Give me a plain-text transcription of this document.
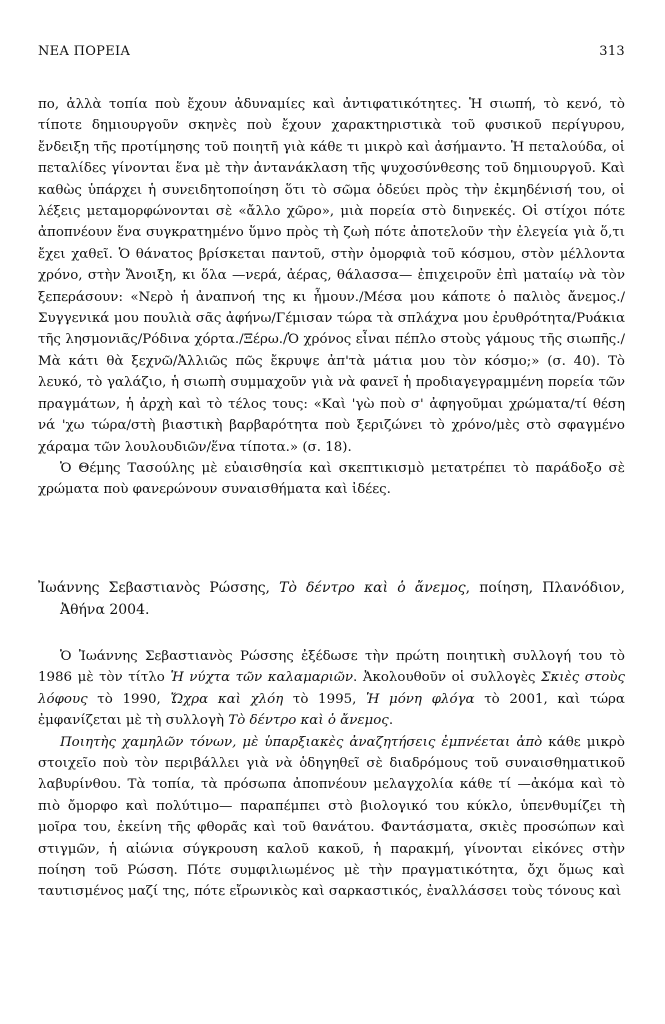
ΝΕΑ ΠΟΡΕΙΑ	313

πο, ἀλλὰ τοπία ποὺ ἔχουν ἀδυναμίες καὶ ἀντιφατικότητες. Ἡ σιωπή, τὸ κενό, τὸ τίποτε δημιουργοῦν σκηνὲς ποὺ ἔχουν χαρακτηριστικὰ τοῦ φυσικοῦ περίγυρου, ἔνδειξη τῆς προτίμησης τοῦ ποιητῆ γιὰ κάθε τι μικρὸ καὶ ἀσήμαντο. Ἡ πεταλούδα, οἱ πεταλίδες γίνονται ἕνα μὲ τὴν ἀντανάκλαση τῆς ψυχοσύνθεσης τοῦ δημιουργοῦ. Καὶ καθὼς ὑπάρχει ἡ συνειδητοποίηση ὅτι τὸ σῶμα ὁδεύει πρὸς τὴν ἐκμηδένισή του, οἱ λέξεις μεταμορφώνονται σὲ «ἄλλο χῶρο», μιὰ πορεία στὸ διηνεκές. Οἱ στίχοι πότε ἀποπνέουν ἕνα συγκρατημένο ὕμνο πρὸς τὴ ζωὴ πότε ἀποτελοῦν τὴν ἐλεγεία γιὰ ὅ,τι ἔχει χαθεῖ. Ὁ θάνατος βρίσκεται παντοῦ, στὴν ὀμορφιὰ τοῦ κόσμου, στὸν μέλλοντα χρόνο, στὴν Ἄνοιξη, κι ὅλα —νερά, ἀέρας, θάλασσα— ἐπιχειροῦν ἐπὶ ματαίῳ νὰ τὸν ξεπεράσουν: «Νερὸ ἡ ἀναπνοή της κι ἦμουν./Μέσα μου κάποτε ὁ παλιὸς ἄνεμος./Συγγενικά μου πουλιὰ σᾶς ἀφήνω/Γέμισαν τώρα τὰ σπλάχνα μου ἐρυθρότητα/Ρυάκια τῆς λησμονιᾶς/Ρόδινα χόρτα./Ξέρω./Ὁ χρόνος εἶναι πέπλο στοὺς γάμους τῆς σιωπῆς./Μὰ κάτι θὰ ξεχνῶ/Ἀλλιῶς πῶς ἔκρυψε ἀπ'τὰ μάτια μου τὸν κόσμο;» (σ. 40). Τὸ λευκό, τὸ γαλάζιο, ἡ σιωπὴ συμμαχοῦν γιὰ νὰ φανεῖ ἡ προδιαγεγραμμένη πορεία τῶν πραγμάτων, ἡ ἀρχὴ καὶ τὸ τέλος τους: «Καὶ 'γὼ ποὺ σ' ἀφηγοῦμαι χρώματα/τί θέση νά 'χω τώρα/στὴ βιαστικὴ βαρβαρότητα ποὺ ξεριζώνει τὸ χρόνο/μὲς στὸ σφαγμένο χάραμα τῶν λουλουδιῶν/ἕνα τίποτα.» (σ. 18).

Ὁ Θέμης Τασούλης μὲ εὐαισθησία καὶ σκεπτικισμὸ μετατρέπει τὸ παράδοξο σὲ χρώματα ποὺ φανερώνουν συναισθήματα καὶ ἰδέες.

Ἰωάννης Σεβαστιανὸς Ρώσσης, Τὸ δέντρο καὶ ὁ ἄνεμος, ποίηση, Πλανόδιον, Ἀθήνα 2004.

Ὁ Ἰωάννης Σεβαστιανὸς Ρώσσης ἐξέδωσε τὴν πρώτη ποιητικὴ συλλογή του τὸ 1986 μὲ τὸν τίτλο Ἡ νύχτα τῶν καλαμαριῶν. Ἀκολουθοῦν οἱ συλλογὲς Σκιὲς στοὺς λόφους τὸ 1990, Ὤχρα καὶ χλόη τὸ 1995, Ἡ μόνη φλόγα τὸ 2001, καὶ τώρα ἐμφανίζεται μὲ τὴ συλλογὴ Τὸ δέντρο καὶ ὁ ἄνεμος.

Ποιητὴς χαμηλῶν τόνων, μὲ ὑπαρξιακὲς ἀναζητήσεις ἐμπνέεται ἀπὸ κάθε μικρὸ στοιχεῖο ποὺ τὸν περιβάλλει γιὰ νὰ ὁδηγηθεῖ σὲ διαδρόμους τοῦ συναισθηματικοῦ λαβυρίνθου. Τὰ τοπία, τὰ πρόσωπα ἀποπνέουν μελαγχολία κάθε τί —ἀκόμα καὶ τὸ πιὸ ὄμορφο καὶ πολύτιμο— παραπέμπει στὸ βιολογικό του κύκλο, ὑπενθυμίζει τὴ μοῖρα του, ἐκείνη τῆς φθορᾶς καὶ τοῦ θανάτου. Φαντάσματα, σκιὲς προσώπων καὶ στιγμῶν, ἡ αἰώνια σύγκρουση καλοῦ κακοῦ, ἡ παρακμή, γίνονται εἰκόνες στὴν ποίηση τοῦ Ρώσση. Πότε συμφιλιωμένος μὲ τὴν πραγματικότητα, ὄχι ὅμως καὶ ταυτισμένος μαζί της, πότε εἴρωνικὸς καὶ σαρκαστικός, ἐναλλάσσει τοὺς τόνους καὶ
